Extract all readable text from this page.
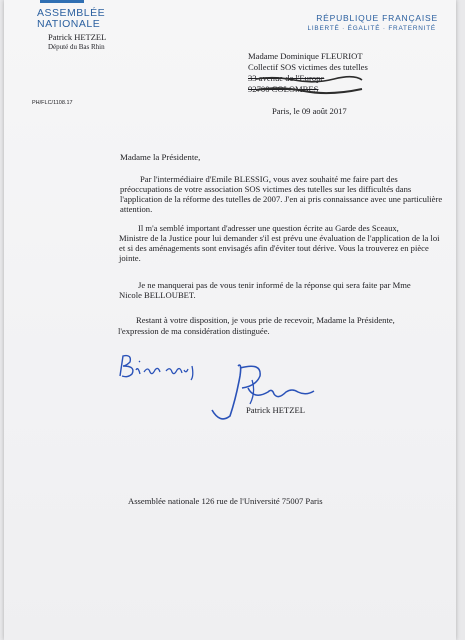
ASSEMBLÉE
NATIONALE
Patrick HETZEL
Député du Bas Rhin
RÉPUBLIQUE FRANÇAISE
LIBERTÉ · ÉGALITÉ · FRATERNITÉ
Madame Dominique FLEURIOT
Collectif SOS victimes des tutelles
33 avenue de l'Europe
92700 COLOMBES
PH/FLC/1108.17
Paris, le 09 août 2017
Madame la Présidente,
Par l'intermédiaire d'Emile BLESSIG, vous avez souhaité me faire part des
préoccupations de votre association SOS victimes des tutelles sur les difficultés dans
l'application de la réforme des tutelles de 2007. J'en ai pris connaissance avec une particulière
attention.
Il m'a semblé important d'adresser une question écrite au Garde des Sceaux,
Ministre de la Justice pour lui demander s'il est prévu une évaluation de l'application de la loi
et si des aménagements sont envisagés afin d'éviter tout dérive. Vous la trouverez en pièce
jointe.
Je ne manquerai pas de vous tenir informé de la réponse qui sera faite par Mme
Nicole BELLOUBET.
Restant à votre disposition, je vous prie de recevoir, Madame la Présidente,
l'expression de ma considération distinguée.
Patrick HETZEL
Assemblée nationale 126 rue de l'Université 75007 Paris
